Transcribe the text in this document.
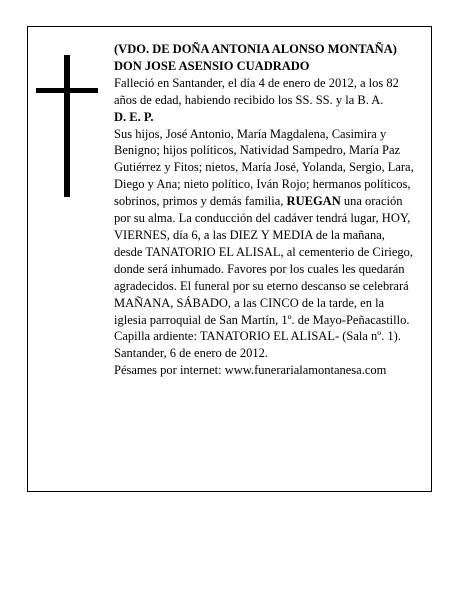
(VDO. DE DOÑA ANTONIA ALONSO MONTAÑA)

DON JOSE ASENSIO CUADRADO

Falleció en Santander, el día 4 de enero de 2012, a los 82 años de edad, habiendo recibido los SS. SS. y la B. A.

D. E. P.

Sus hijos, José Antonio, María Magdalena, Casimira y Benigno; hijos políticos, Natividad Sampedro, María Paz Gutiérrez y Fitos; nietos, María José, Yolanda, Sergio, Lara, Diego y Ana; nieto político, Iván Rojo; hermanos políticos, sobrinos, primos y demás familia, RUEGAN una oración por su alma. La conducción del cadáver tendrá lugar, HOY, VIERNES, día 6, a las DIEZ Y MEDIA de la mañana, desde TANATORIO EL ALISAL, al cementerio de Ciriego, donde será inhumado. Favores por los cuales les quedarán agradecidos. El funeral por su eterno descanso se celebrará MAÑANA, SÁBADO, a las CINCO de la tarde, en la iglesia parroquial de San Martín, 1º. de Mayo-Peñacastillo. Capilla ardiente: TANATORIO EL ALISAL- (Sala nº. 1).

Santander, 6 de enero de 2012.

Pésames por internet: www.funerarialamontanesa.com
